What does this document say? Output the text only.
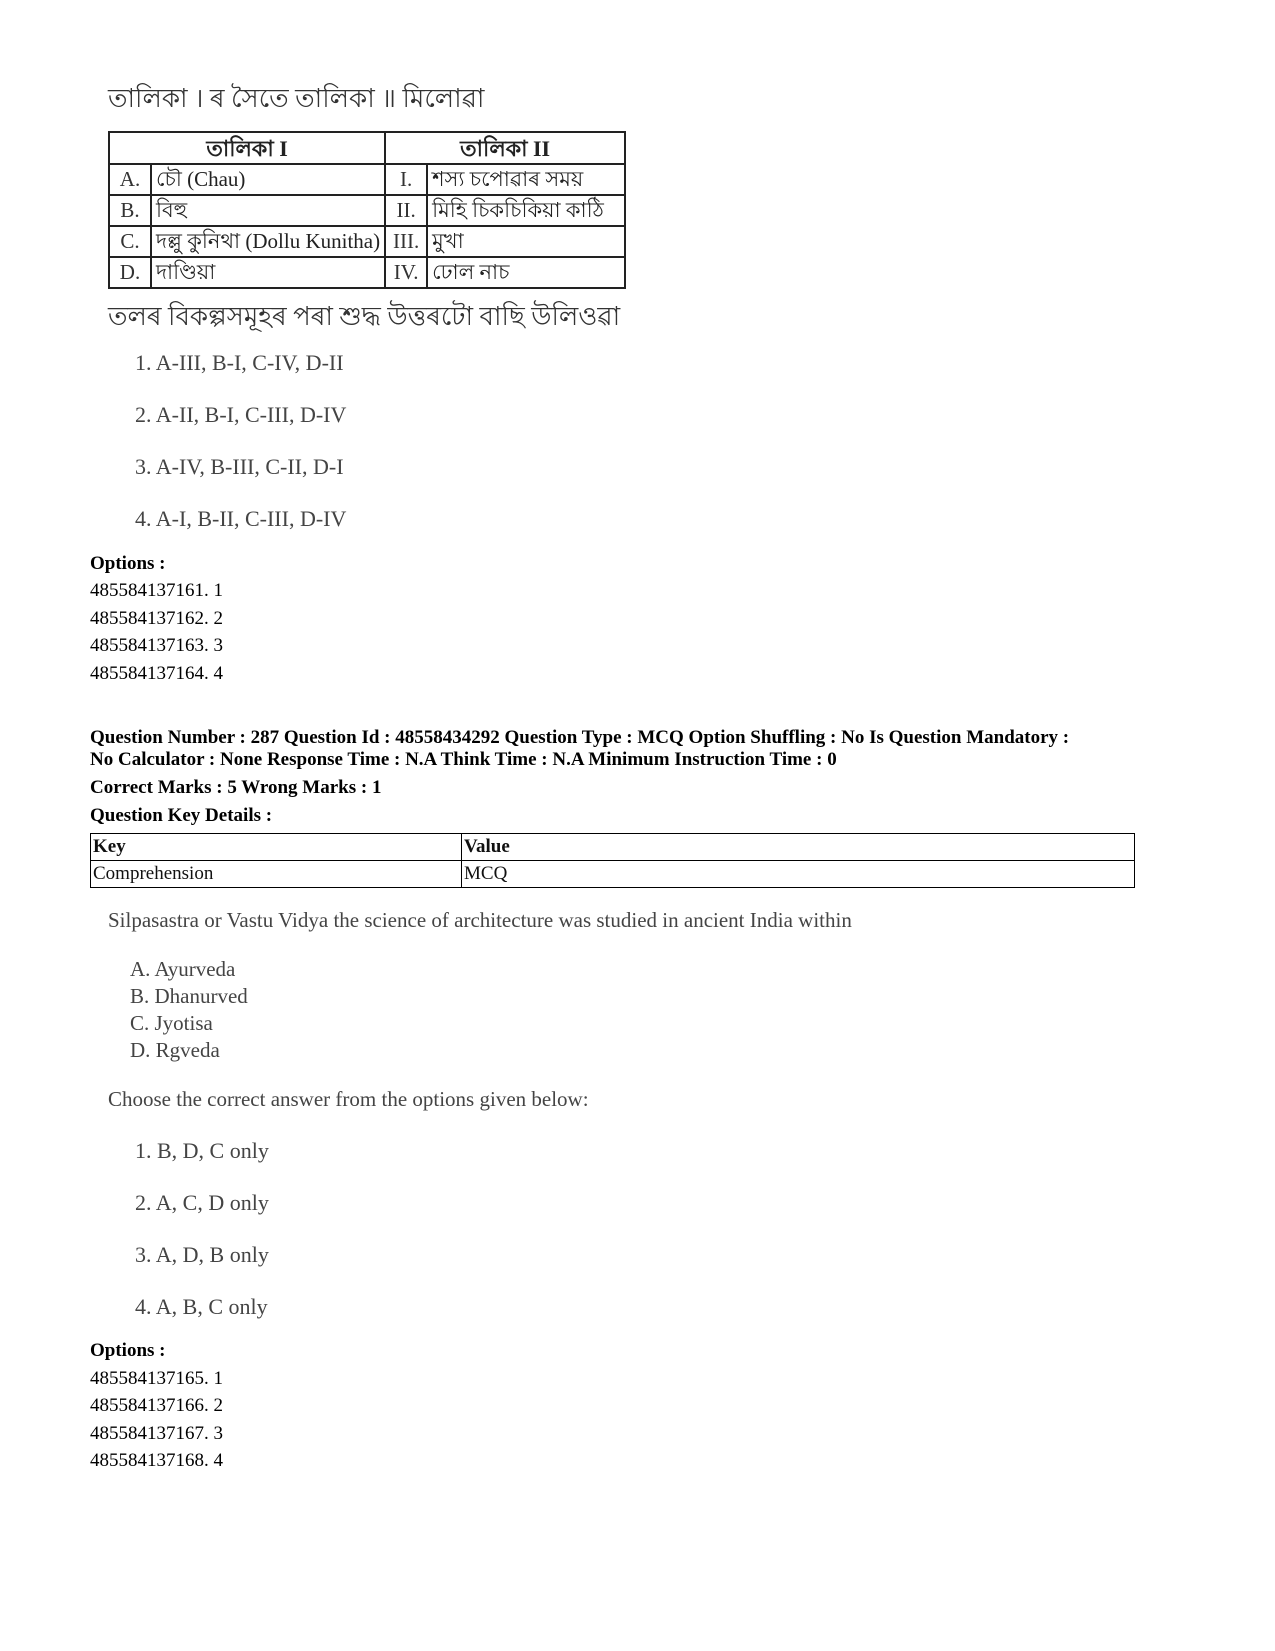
তালিকা । ৰ সৈতে তালিকা ॥ মিলোৱা
তালিকা I		তালিকা II	
A.	চৌ (Chau)	I.	শস্য চপোৱাৰ সময়
B.	বিহু	II.	মিহি চিকচিকিয়া কাঠি
C.	দল্লু কুনিথা (Dollu Kunitha)	III.	মুখা
D.	দাণ্ডিয়া	IV.	ঢোল নাচ
তলৰ বিকল্পসমূহৰ পৰা শুদ্ধ উত্তৰটো বাছি উলিওৱা
1. A-III, B-I, C-IV, D-II
2. A-II, B-I, C-III, D-IV
3. A-IV, B-III, C-II, D-I
4. A-I, B-II, C-III, D-IV
Options :
485584137161. 1
485584137162. 2
485584137163. 3
485584137164. 4
Question Number : 287 Question Id : 48558434292 Question Type : MCQ Option Shuffling : No Is Question Mandatory :
No Calculator : None Response Time : N.A Think Time : N.A Minimum Instruction Time : 0
Correct Marks : 5 Wrong Marks : 1
Question Key Details :
Key	Value
Comprehension	MCQ
Silpasastra or Vastu Vidya the science of architecture was studied in ancient India within
A. Ayurveda
B. Dhanurved
C. Jyotisa
D. Rgveda
Choose the correct answer from the options given below:
1. B, D, C only
2. A, C, D only
3. A, D, B only
4. A, B, C only
Options :
485584137165. 1
485584137166. 2
485584137167. 3
485584137168. 4
